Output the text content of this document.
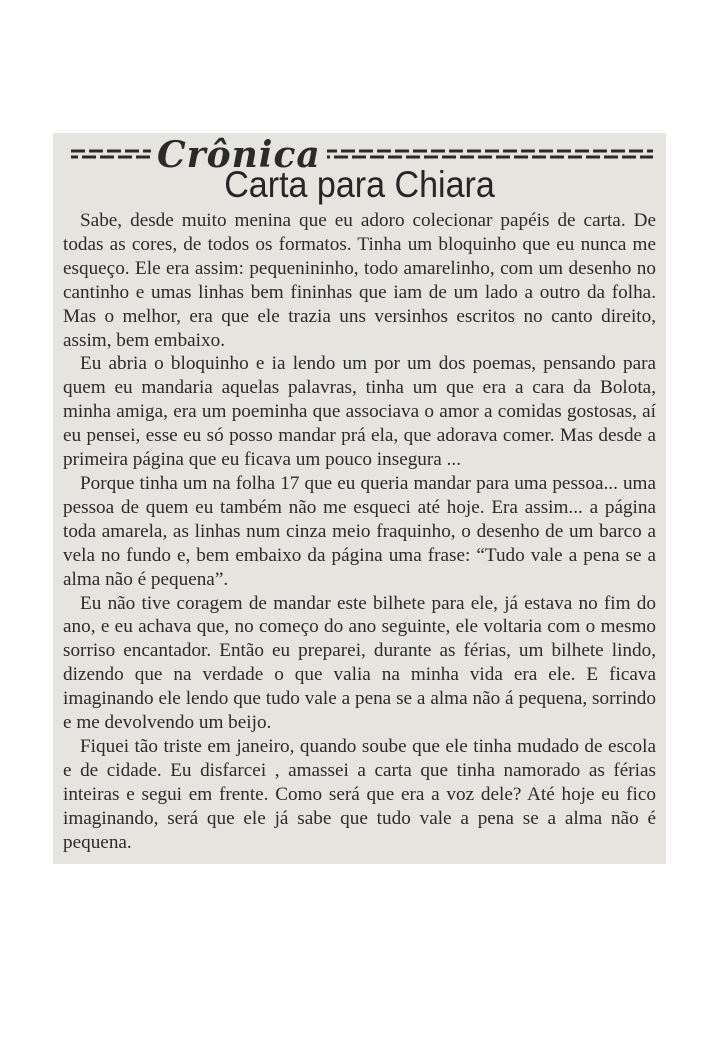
Crônica
Carta para Chiara

Sabe, desde muito menina que eu adoro colecionar papéis de carta. De todas as cores, de todos os formatos. Tinha um bloquinho que eu nunca me esqueço. Ele era assim: pequenininho, todo amarelinho, com um desenho no cantinho e umas linhas bem fininhas que iam de um lado a outro da folha. Mas o melhor, era que ele trazia uns versinhos escritos no canto direito, assim, bem embaixo.

Eu abria o bloquinho e ia lendo um por um dos poemas, pensando para quem eu mandaria aquelas palavras, tinha um que era a cara da Bolota, minha amiga, era um poeminha que associava o amor a comidas gostosas, aí eu pensei, esse eu só posso mandar prá ela, que adorava comer. Mas desde a primeira página que eu ficava um pouco insegura ...

Porque tinha um na folha 17 que eu queria mandar para uma pessoa... uma pessoa de quem eu também não me esqueci até hoje. Era assim... a página toda amarela, as linhas num cinza meio fraquinho, o desenho de um barco a vela no fundo e, bem embaixo da página uma frase: “Tudo vale a pena se a alma não é pequena”.

Eu não tive coragem de mandar este bilhete para ele, já estava no fim do ano, e eu achava que, no começo do ano seguinte, ele voltaria com o mesmo sorriso encantador. Então eu preparei, durante as férias, um bilhete lindo, dizendo que na verdade o que valia na minha vida era ele. E ficava imaginando ele lendo que tudo vale a pena se a alma não á pequena, sorrindo e me devolvendo um beijo.

Fiquei tão triste em janeiro, quando soube que ele tinha mudado de escola e de cidade. Eu disfarcei , amassei a carta que tinha namorado as férias inteiras e segui em frente. Como será que era a voz dele? Até hoje eu fico imaginando, será que ele já sabe que tudo vale a pena se a alma não é pequena.
